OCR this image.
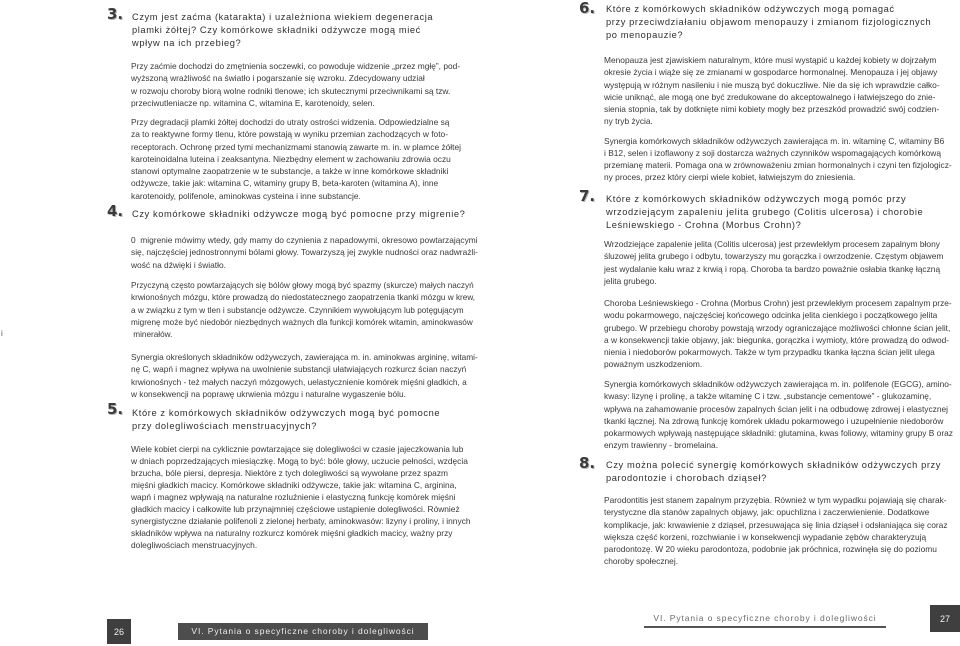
i
3. Czym jest zaćma (katarakta) i uzależniona wiekiem degeneracja
plamki żółtej? Czy komórkowe składniki odżywcze mogą mieć
wpływ na ich przebieg?
Przy zaćmie dochodzi do zmętnienia soczewki, co powoduje widzenie „przez mgłę”, pod-
wyższoną wrażliwość na światło i pogarszanie się wzroku. Zdecydowany udział
w rozwoju choroby biorą wolne rodniki tlenowe; ich skutecznymi przeciwnikami są tzw.
przeciwutleniacze np. witamina C, witamina E, karotenoidy, selen.
Przy degradacji plamki żółtej dochodzi do utraty ostrości widzenia. Odpowiedzialne są
za to reaktywne formy tlenu, które powstają w wyniku przemian zachodzących w foto-
receptorach. Ochronę przed tymi mechanizmami stanowią zawarte m. in. w plamce żółtej
karoteinoidalna luteina i zeaksantyna. Niezbędny element w zachowaniu zdrowia oczu
stanowi optymalne zaopatrzenie w te substancje, a także w inne komórkowe składniki
odżywcze, takie jak: witamina C, witaminy grupy B, beta-karoten (witamina A), inne
karotenoidy, polifenole, aminokwas cysteina i inne substancje.
4. Czy komórkowe składniki odżywcze mogą być pomocne przy migrenie?
0  migrenie mówimy wtedy, gdy mamy do czynienia z napadowymi, okresowo powtarzającymi
się, najczęściej jednostronnymi bólami głowy. Towarzyszą jej zwykle nudności oraz nadwrażli-
wość na dźwięki i światło.
Przyczyną często powtarzających się bólów głowy mogą być spazmy (skurcze) małych naczyń
krwionośnych mózgu, które prowadzą do niedostatecznego zaopatrzenia tkanki mózgu w krew,
a w związku z tym w tlen i substancje odżywcze. Czynnikiem wywołującym lub potęgującym
migrenę może być niedobór niezbędnych ważnych dla funkcji komórek witamin, aminokwasów
minerałów.
Synergia określonych składników odżywczych, zawierająca m. in. aminokwas argininę, witami-
nę C, wapń i magnez wpływa na uwolnienie substancji ułatwiających rozkurcz ścian naczyń
krwionośnych - też małych naczyń mózgowych, uelastycznienie komórek mięśni gładkich, a
w konsekwencji na poprawę ukrwienia mózgu i naturalne wygaszenie bólu.
5. Które z komórkowych składników odżywczych mogą być pomocne
przy dolegliwościach menstruacyjnych?
Wiele kobiet cierpi na cyklicznie powtarzające się dolegliwości w czasie jajeczkowania lub
w dniach poprzedzających miesiączkę. Mogą to być: bóle głowy, uczucie pełności, wzdęcia
brzucha, bóle piersi, depresja. Niektóre z tych dolegliwości są wywołane przez spazm
mięśni gładkich macicy. Komórkowe składniki odżywcze, takie jak: witamina C, arginina,
wapń i magnez wpływają na naturalne rozluźnienie i elastyczną funkcję komórek mięśni
gładkich macicy i całkowite lub przynajmniej częściowe ustąpienie dolegliwości. Również
synergistyczne działanie polifenoli z zielonej herbaty, aminokwasów: lizyny i proliny, i innych
składników wpływa na naturalny rozkurcz komórek mięśni gładkich macicy, ważny przy
dolegliwościach menstruacyjnych.
26	VI. Pytania o specyficzne choroby i dolegliwości
6. Które z komórkowych składników odżywczych mogą pomagać
przy przeciwdziałaniu objawom menopauzy i zmianom fizjologicznych
po menopauzie?
Menopauza jest zjawiskiem naturalnym, które musi wystąpić u każdej kobiety w dojrzałym
okresie życia i wiąże się ze zmianami w gospodarce hormonalnej. Menopauza i jej objawy
występują w różnym nasileniu i nie muszą być dokuczliwe. Nie da się ich wprawdzie całko-
wicie uniknąć, ale mogą one być zredukowane do akceptowalnego i łatwiejszego do znie-
sienia stopnia, tak by dotknięte nimi kobiety mogły bez przeszkód prowadzić swój codzien-
ny tryb życia.
Synergia komórkowych składników odżywczych zawierająca m. in. witaminę C, witaminy B6
i B12, selen i izoflawony z soji dostarcza ważnych czynników wspomagających komórkową
przemianę materii. Pomaga ona w zrównoważeniu zmian hormonalnych i czyni ten fizjologicz-
ny proces, przez który cierpi wiele kobiet, łatwiejszym do zniesienia.
7. Które z komórkowych składników odżywczych mogą pomóc przy
wrzodziejącym zapaleniu jelita grubego (Colitis ulcerosa) i chorobie
Leśniewskiego - Crohna (Morbus Crohn)?
Wrzodziejące zapalenie jelita (Colitis ulcerosa) jest przewlekłym procesem zapalnym błony
śluzowej jelita grubego i odbytu, towarzyszy mu gorączka i owrzodzenie. Częstym objawem
jest wydalanie kału wraz z krwią i ropą. Choroba ta bardzo poważnie osłabia tkankę łączną
jelita grubego.
Choroba Leśniewskiego - Crohna (Morbus Crohn) jest przewlekłym procesem zapalnym prze-
wodu pokarmowego, najczęściej końcowego odcinka jelita cienkiego i początkowego jelita
grubego. W przebiegu choroby powstają wrzody ograniczające możliwości chłonne ścian jelit,
a w konsekwencji takie objawy, jak: biegunka, gorączka i wymioty, które prowadzą do odwod-
nienia i niedoborów pokarmowych. Także w tym przypadku tkanka łączna ścian jelit ulega
poważnym uszkodzeniom.
Synergia komórkowych składników odżywczych zawierająca m. in. polifenole (EGCG), amino-
kwasy: lizynę i prolinę, a także witaminę C i tzw. „substancje cementowe” - glukozaminę,
wpływa na zahamowanie procesów zapalnych ścian jelit i na odbudowę zdrowej i elastycznej
tkanki łącznej. Na zdrową funkcję komórek układu pokarmowego i uzupełnienie niedoborów
pokarmowych wpływają następujące składniki: glutamina, kwas foliowy, witaminy grupy B oraz
enzym trawienny - bromelaina.
8. Czy można polecić synergię komórkowych składników odżywczych przy
parodontozie i chorobach dziąseł?
Parodontitis jest stanem zapalnym przyzębia. Również w tym wypadku pojawiają się charak-
terystyczne dla stanów zapalnych objawy, jak: opuchlizna i zaczerwienienie. Dodatkowe
komplikacje, jak: krwawienie z dziąseł, przesuwająca się linia dziąseł i odsłaniająca się coraz
większa część korzeni, rozchwianie i w konsekwencji wypadanie zębów charakteryzują
parodontozę. W 20 wieku parodontoza, podobnie jak próchnica, rozwinęła się do poziomu
choroby społecznej.
VI. Pytania o specyficzne choroby i dolegliwości	27
